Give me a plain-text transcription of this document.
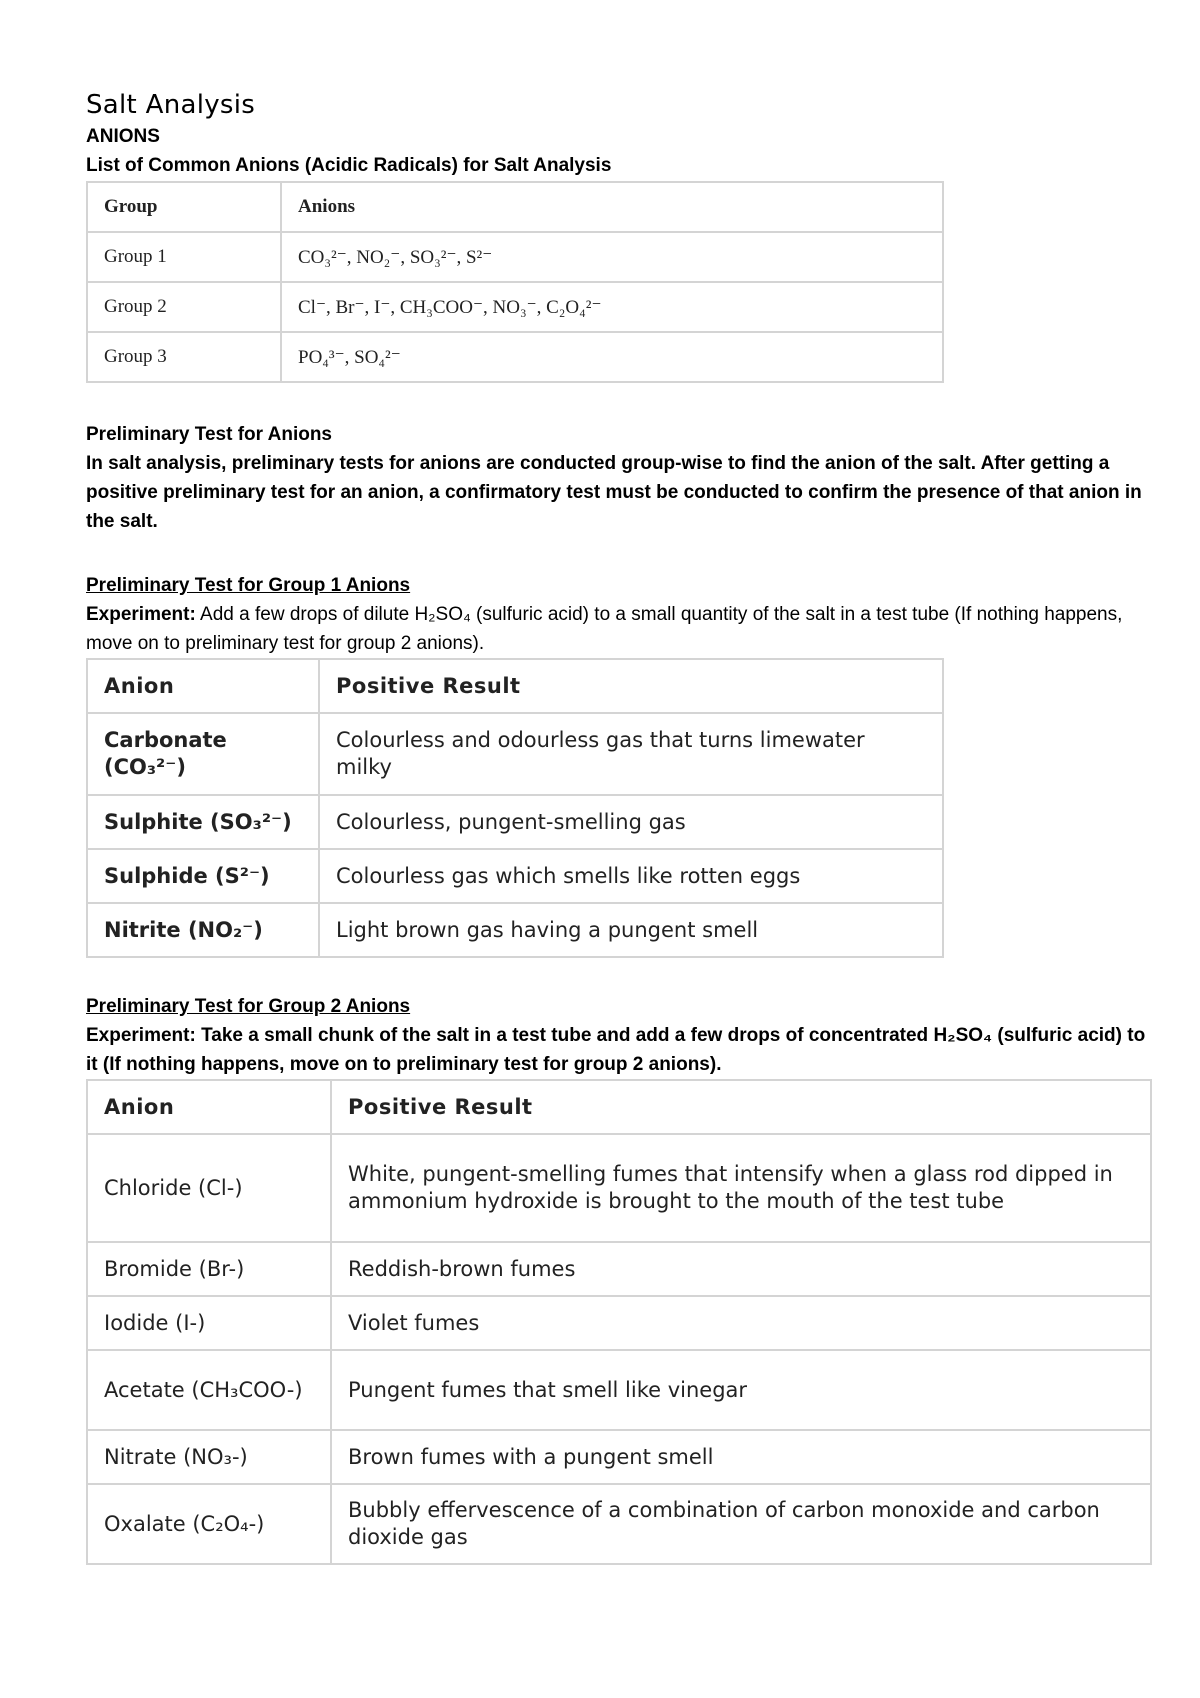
Salt Analysis

ANIONS

List of Common Anions (Acidic Radicals) for Salt Analysis

Group	Anions
Group 1	CO₃²⁻, NO₂⁻, SO₃²⁻, S²⁻
Group 2	Cl⁻, Br⁻, I⁻, CH₃COO⁻, NO₃⁻, C₂O₄²⁻
Group 3	PO₄³⁻, SO₄²⁻

Preliminary Test for Anions

In salt analysis, preliminary tests for anions are conducted group-wise to find the anion of the salt. After getting a positive preliminary test for an anion, a confirmatory test must be conducted to confirm the presence of that anion in the salt.

Preliminary Test for Group 1 Anions

Experiment: Add a few drops of dilute H₂SO₄ (sulfuric acid) to a small quantity of the salt in a test tube (If nothing happens, move on to preliminary test for group 2 anions).

Anion	Positive Result
Carbonate (CO₃²⁻)	Colourless and odourless gas that turns limewater milky
Sulphite (SO₃²⁻)	Colourless, pungent-smelling gas
Sulphide (S²⁻)	Colourless gas which smells like rotten eggs
Nitrite (NO₂⁻)	Light brown gas having a pungent smell

Preliminary Test for Group 2 Anions

Experiment: Take a small chunk of the salt in a test tube and add a few drops of concentrated H₂SO₄ (sulfuric acid) to it (If nothing happens, move on to preliminary test for group 2 anions).

Anion	Positive Result
Chloride (Cl-)	White, pungent-smelling fumes that intensify when a glass rod dipped in ammonium hydroxide is brought to the mouth of the test tube
Bromide (Br-)	Reddish-brown fumes
Iodide (I-)	Violet fumes
Acetate (CH₃COO-)	Pungent fumes that smell like vinegar
Nitrate (NO₃-)	Brown fumes with a pungent smell
Oxalate (C₂O₄-)	Bubbly effervescence of a combination of carbon monoxide and carbon dioxide gas
